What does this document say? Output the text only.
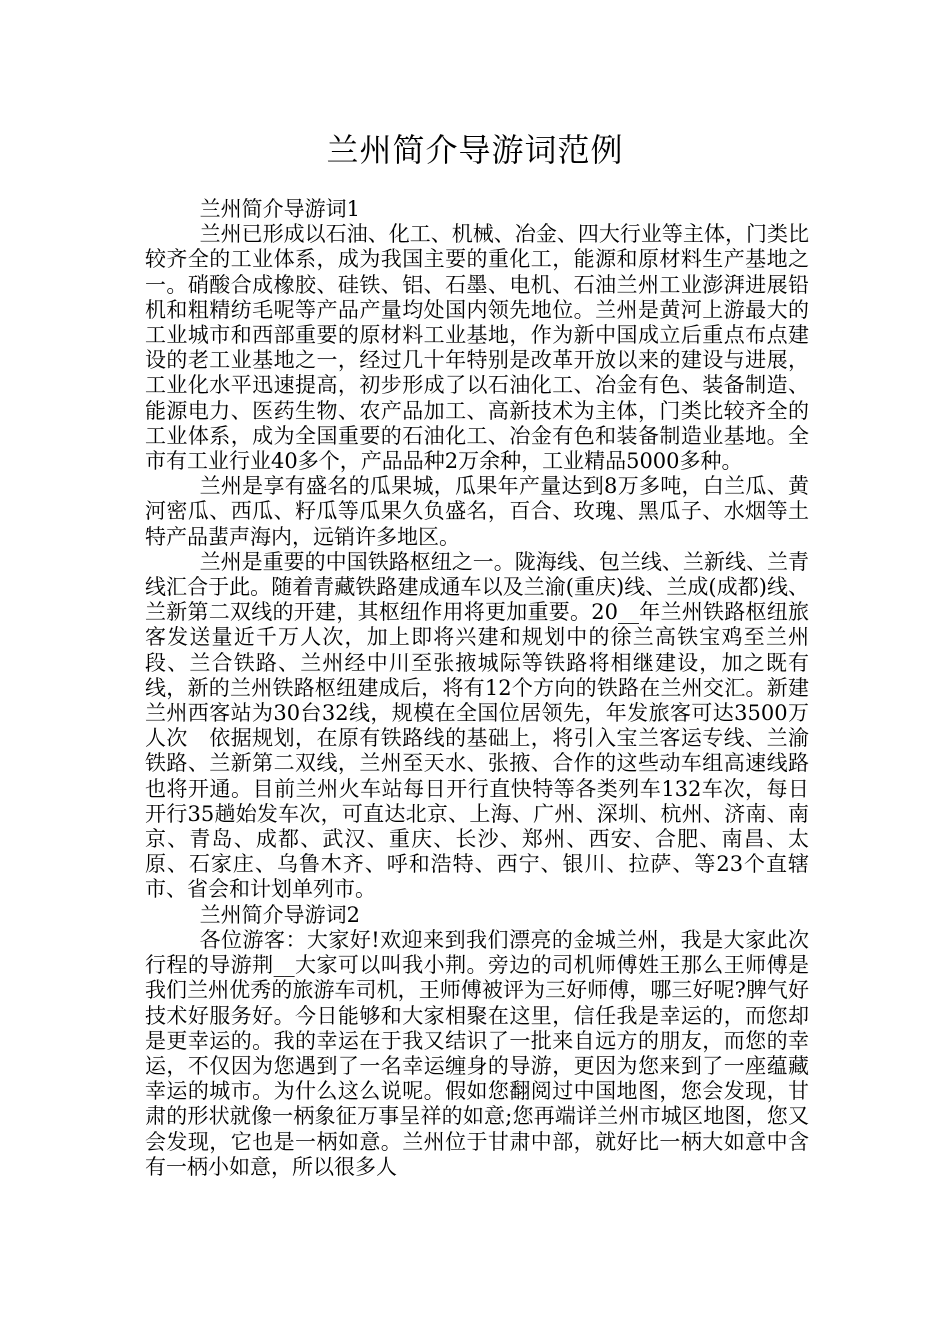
兰州简介导游词范例

兰州简介导游词1

兰州已形成以石油、化工、机械、冶金、四大行业等主体，门类比较齐全的工业体系，成为我国主要的重化工，能源和原材料生产基地之一。硝酸合成橡胶、硅铁、铝、石墨、电机、石油兰州工业澎湃进展铅机和粗精纺毛呢等产品产量均处国内领先地位。兰州是黄河上游最大的工业城市和西部重要的原材料工业基地，作为新中国成立后重点布点建设的老工业基地之一，经过几十年特别是改革开放以来的建设与进展，工业化水平迅速提高，初步形成了以石油化工、冶金有色、装备制造、能源电力、医药生物、农产品加工、高新技术为主体，门类比较齐全的工业体系，成为全国重要的石油化工、冶金有色和装备制造业基地。全市有工业行业40多个，产品品种2万余种，工业精品5000多种。

兰州是享有盛名的瓜果城，瓜果年产量达到8万多吨，白兰瓜、黄河密瓜、西瓜、籽瓜等瓜果久负盛名，百合、玫瑰、黑瓜子、水烟等土特产品蜚声海内，远销许多地区。

兰州是重要的中国铁路枢纽之一。陇海线、包兰线、兰新线、兰青线汇合于此。随着青藏铁路建成通车以及兰渝(重庆)线、兰成(成都)线、兰新第二双线的开建，其枢纽作用将更加重要。20__年兰州铁路枢纽旅客发送量近千万人次，加上即将兴建和规划中的徐兰高铁宝鸡至兰州段、兰合铁路、兰州经中川至张掖城际等铁路将相继建设，加之既有线，新的兰州铁路枢纽建成后，将有12个方向的铁路在兰州交汇。新建兰州西客站为30台32线，规模在全国位居领先，年发旅客可达3500万人次　依据规划，在原有铁路线的基础上，将引入宝兰客运专线、兰渝铁路、兰新第二双线，兰州至天水、张掖、合作的这些动车组高速线路也将开通。目前兰州火车站每日开行直快特等各类列车132车次，每日开行35趟始发车次，可直达北京、上海、广州、深圳、杭州、济南、南京、青岛、成都、武汉、重庆、长沙、郑州、西安、合肥、南昌、太原、石家庄、乌鲁木齐、呼和浩特、西宁、银川、拉萨、等23个直辖市、省会和计划单列市。

兰州简介导游词2

各位游客：大家好!欢迎来到我们漂亮的金城兰州，我是大家此次行程的导游荆__大家可以叫我小荆。旁边的司机师傅姓王那么王师傅是我们兰州优秀的旅游车司机，王师傅被评为三好师傅，哪三好呢?脾气好技术好服务好。今日能够和大家相聚在这里，信任我是幸运的，而您却是更幸运的。我的幸运在于我又结识了一批来自远方的朋友，而您的幸运，不仅因为您遇到了一名幸运缠身的导游，更因为您来到了一座蕴藏幸运的城市。为什么这么说呢。假如您翻阅过中国地图，您会发现，甘肃的形状就像一柄象征万事呈祥的如意;您再端详兰州市城区地图，您又会发现，它也是一柄如意。兰州位于甘肃中部，就好比一柄大如意中含有一柄小如意，所以很多人
